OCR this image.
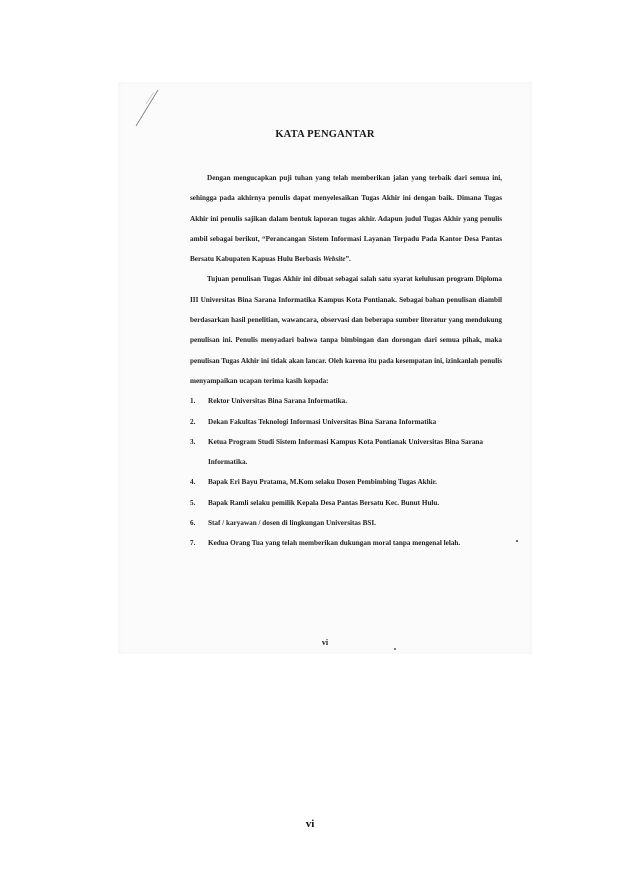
KATA PENGANTAR

Dengan mengucapkan puji tuhan yang telah memberikan jalan yang terbaik dari semua ini, sehingga pada akhirnya penulis dapat menyelesaikan Tugas Akhir ini dengan baik. Dimana Tugas Akhir ini penulis sajikan dalam bentuk laporan tugas akhir. Adapun judul Tugas Akhir yang penulis ambil sebagai berikut, “Perancangan Sistem Informasi Layanan Terpadu Pada Kantor Desa Pantas Bersatu Kabupaten Kapuas Hulu Berbasis Website”.

Tujuan penulisan Tugas Akhir ini dibuat sebagai salah satu syarat kelulusan program Diploma III Universitas Bina Sarana Informatika Kampus Kota Pontianak. Sebagai bahan penulisan diambil berdasarkan hasil penelitian, wawancara, observasi dan beberapa sumber literatur yang mendukung penulisan ini. Penulis menyadari bahwa tanpa bimbingan dan dorongan dari semua pihak, maka penulisan Tugas Akhir ini tidak akan lancar. Oleh karena itu pada kesempatan ini, izinkanlah penulis menyampaikan ucapan terima kasih kepada:

1. Rektor Universitas Bina Sarana Informatika.
2. Dekan Fakultas Teknologi Informasi Universitas Bina Sarana Informatika
3. Ketua Program Studi Sistem Informasi Kampus Kota Pontianak Universitas Bina Sarana Informatika.
4. Bapak Eri Bayu Pratama, M.Kom selaku Dosen Pembimbing Tugas Akhir.
5. Bapak Ramli selaku pemilik Kepala Desa Pantas Bersatu Kec. Bunut Hulu.
6. Staf / karyawan / dosen di lingkungan Universitas BSI.
7. Kedua Orang Tua yang telah memberikan dukungan moral tanpa mengenal lelah.
vi
vi
